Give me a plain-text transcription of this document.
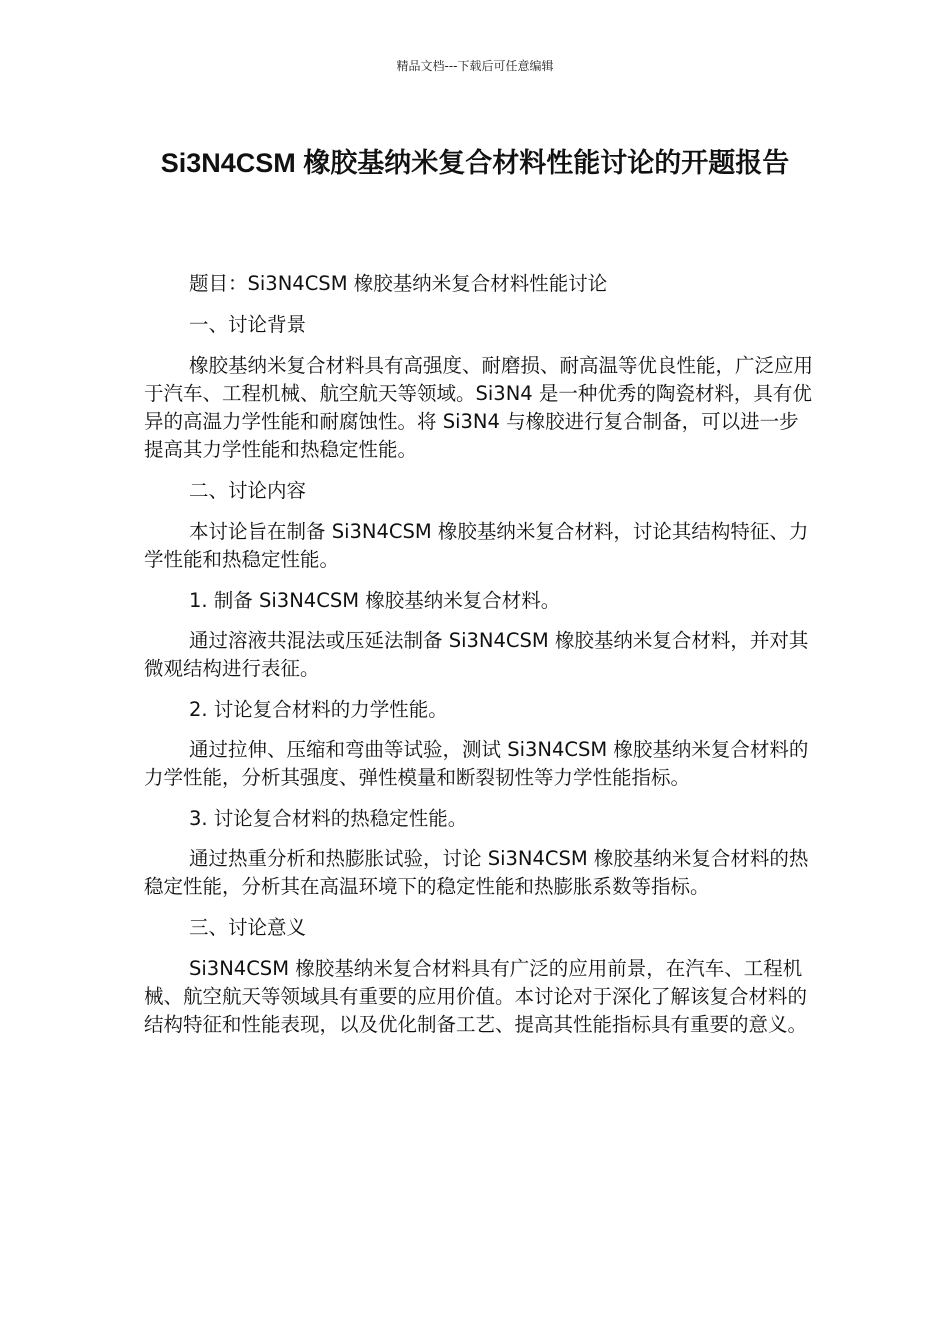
精品文档---下载后可任意编辑
Si3N4CSM 橡胶基纳米复合材料性能讨论的开题报告

题目：Si3N4CSM 橡胶基纳米复合材料性能讨论

一、讨论背景

橡胶基纳米复合材料具有高强度、耐磨损、耐高温等优良性能，广泛应用于汽车、工程机械、航空航天等领域。Si3N4 是一种优秀的陶瓷材料，具有优异的高温力学性能和耐腐蚀性。将 Si3N4 与橡胶进行复合制备，可以进一步提高其力学性能和热稳定性能。

二、讨论内容

本讨论旨在制备 Si3N4CSM 橡胶基纳米复合材料，讨论其结构特征、力学性能和热稳定性能。

1. 制备 Si3N4CSM 橡胶基纳米复合材料。

通过溶液共混法或压延法制备 Si3N4CSM 橡胶基纳米复合材料，并对其微观结构进行表征。

2. 讨论复合材料的力学性能。

通过拉伸、压缩和弯曲等试验，测试 Si3N4CSM 橡胶基纳米复合材料的力学性能，分析其强度、弹性模量和断裂韧性等力学性能指标。

3. 讨论复合材料的热稳定性能。

通过热重分析和热膨胀试验，讨论 Si3N4CSM 橡胶基纳米复合材料的热稳定性能，分析其在高温环境下的稳定性能和热膨胀系数等指标。

三、讨论意义

Si3N4CSM 橡胶基纳米复合材料具有广泛的应用前景，在汽车、工程机械、航空航天等领域具有重要的应用价值。本讨论对于深化了解该复合材料的结构特征和性能表现，以及优化制备工艺、提高其性能指标具有重要的意义。
